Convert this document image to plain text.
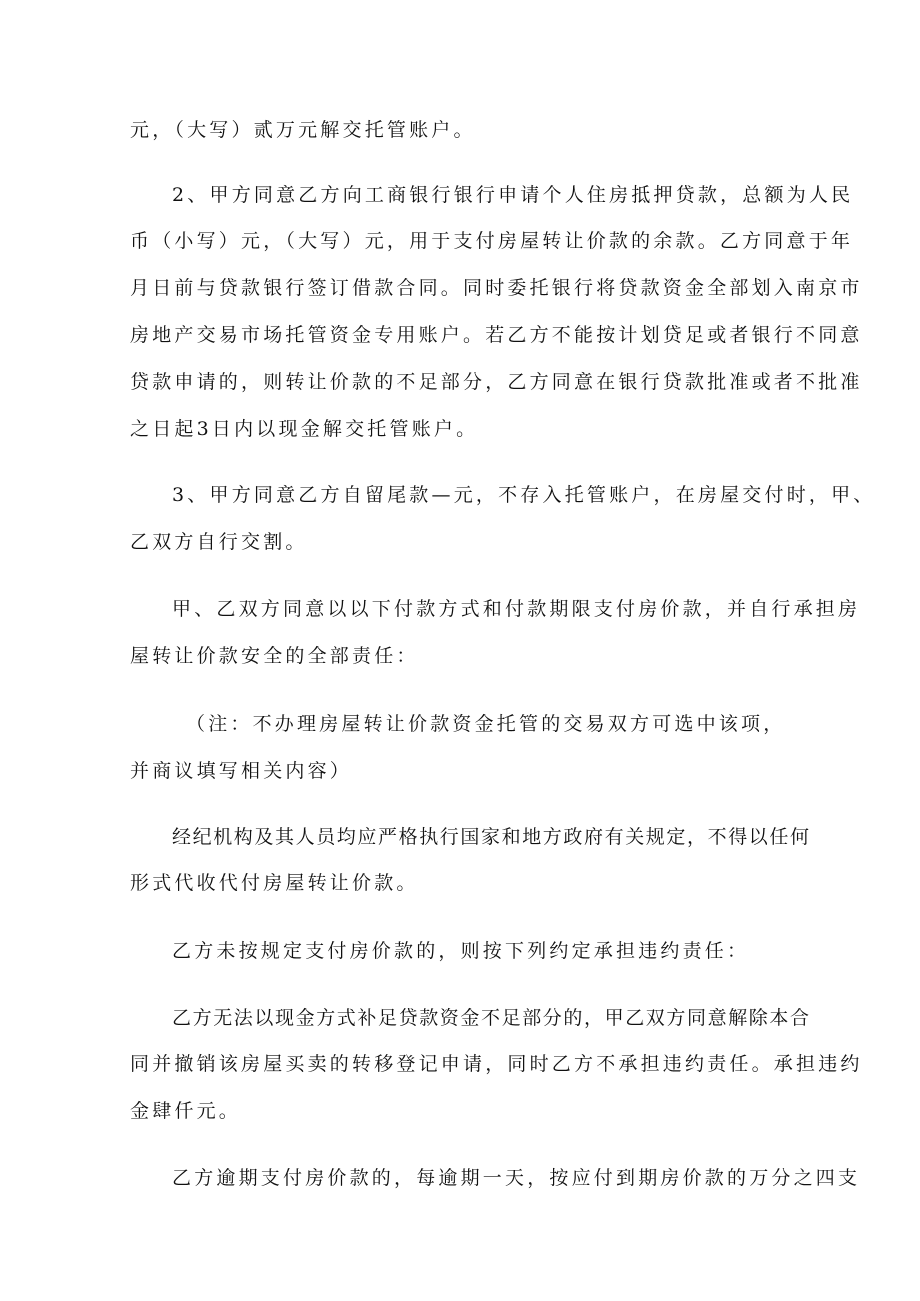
元，（大写）贰万元解交托管账户。
2、甲方同意乙方向工商银行银行申请个人住房抵押贷款，总额为人民
币（小写）元，（大写）元，用于支付房屋转让价款的余款。乙方同意于年
月日前与贷款银行签订借款合同。同时委托银行将贷款资金全部划入南京市
房地产交易市场托管资金专用账户。若乙方不能按计划贷足或者银行不同意
贷款申请的，则转让价款的不足部分，乙方同意在银行贷款批准或者不批准
之日起3日内以现金解交托管账户。
3、甲方同意乙方自留尾款—元，不存入托管账户，在房屋交付时，甲、
乙双方自行交割。
甲、乙双方同意以以下付款方式和付款期限支付房价款，并自行承担房
屋转让价款安全的全部责任：
（注：不办理房屋转让价款资金托管的交易双方可选中该项，
并商议填写相关内容）
经纪机构及其人员均应严格执行国家和地方政府有关规定，不得以任何
形式代收代付房屋转让价款。
乙方未按规定支付房价款的，则按下列约定承担违约责任：
乙方无法以现金方式补足贷款资金不足部分的，甲乙双方同意解除本合
同并撤销该房屋买卖的转移登记申请，同时乙方不承担违约责任。承担违约
金肆仟元。
乙方逾期支付房价款的，每逾期一天，按应付到期房价款的万分之四支
